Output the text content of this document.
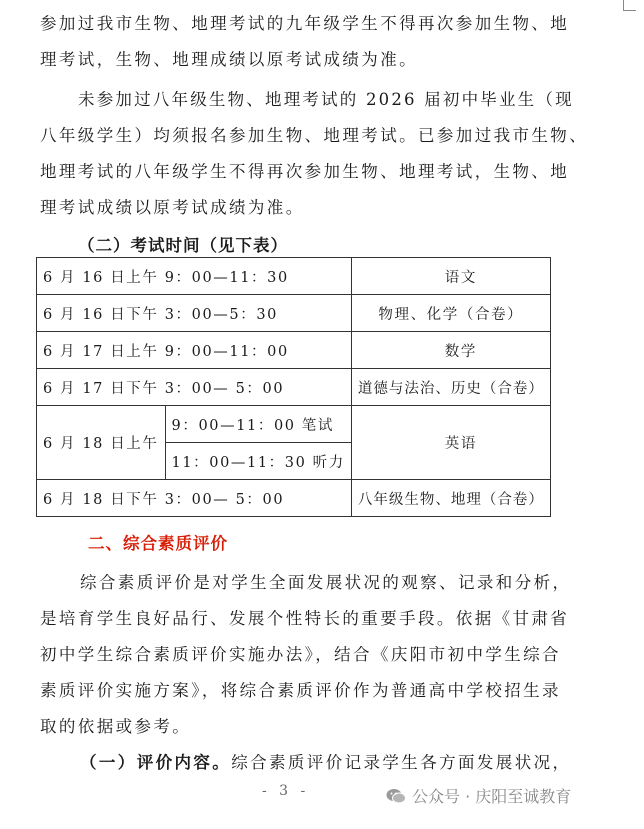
参加过我市生物、地理考试的九年级学生不得再次参加生物、地
理考试，生物、地理成绩以原考试成绩为准。
未参加过八年级生物、地理考试的 2026 届初中毕业生（现
八年级学生）均须报名参加生物、地理考试。已参加过我市生物、
地理考试的八年级学生不得再次参加生物、地理考试，生物、地
理考试成绩以原考试成绩为准。
（二）考试时间（见下表）
6 月 16 日上午 9：00—11：30		语文
6 月 16 日下午 3：00—5：30		物理、化学（合卷）
6 月 17 日上午 9：00—11：00		数学
6 月 17 日下午 3：00— 5：00		道德与法治、历史（合卷）
6 月 18 日上午	9：00—11：00 笔试	英语
	11：00—11：30 听力	
6 月 18 日下午 3：00— 5：00		八年级生物、地理（合卷）
二、综合素质评价
综合素质评价是对学生全面发展状况的观察、记录和分析，
是培育学生良好品行、发展个性特长的重要手段。依据《甘肃省
初中学生综合素质评价实施办法》，结合《庆阳市初中学生综合
素质评价实施方案》，将综合素质评价作为普通高中学校招生录
取的依据或参考。
（一）评价内容。综合素质评价记录学生各方面发展状况，
- 3 -	公众号 · 庆阳至诚教育
